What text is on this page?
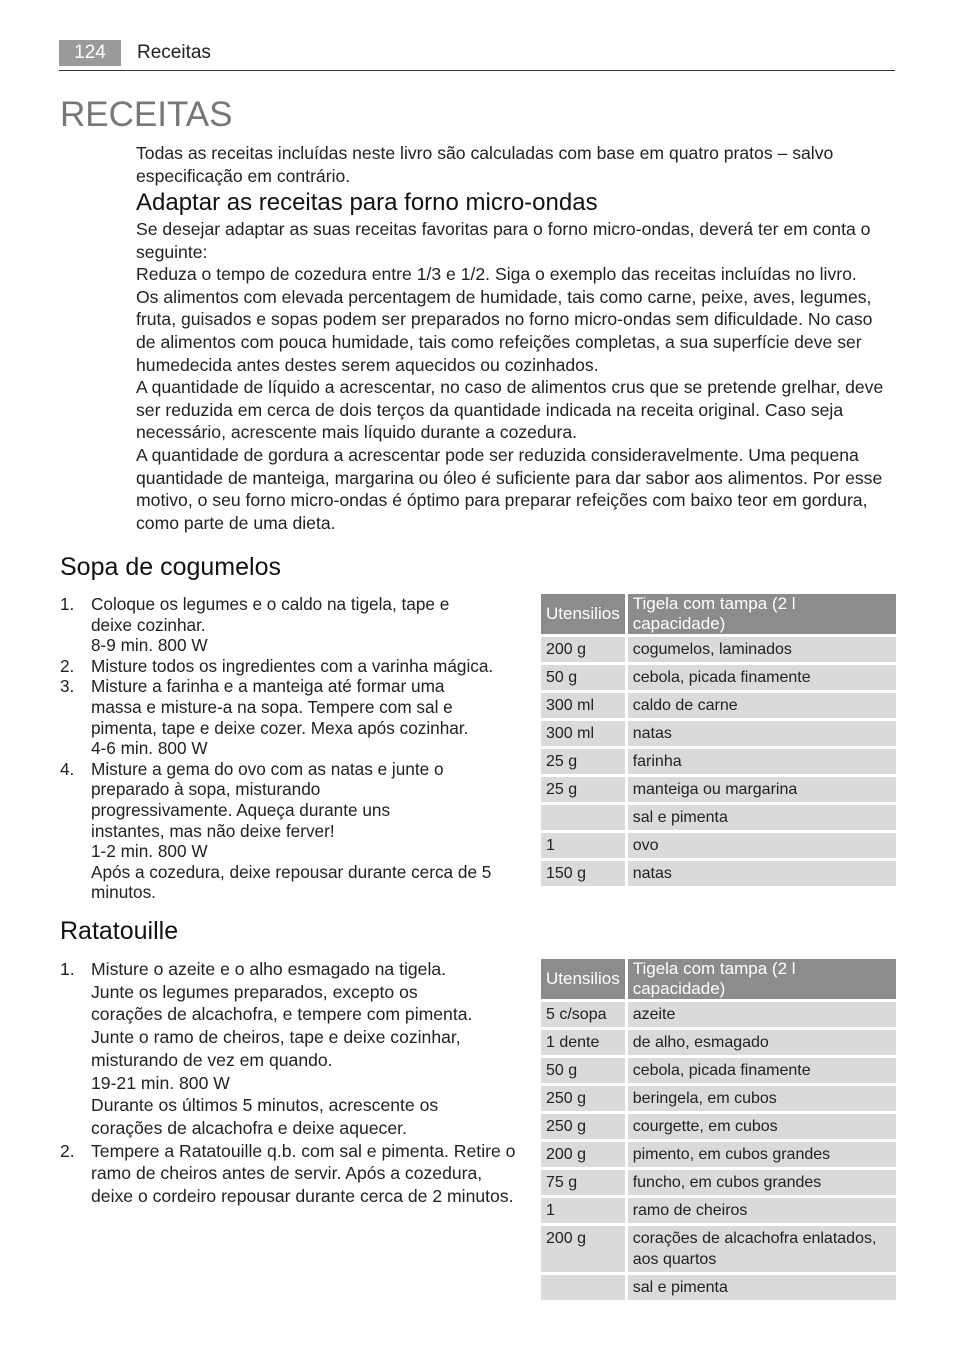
124	Receitas
RECEITAS

Todas as receitas incluídas neste livro são calculadas com base em quatro pratos – salvo especificação em contrário.

Adaptar as receitas para forno micro-ondas

Se desejar adaptar as suas receitas favoritas para o forno micro-ondas, deverá ter em conta o seguinte:

Reduza o tempo de cozedura entre 1/3 e 1/2. Siga o exemplo das receitas incluídas no livro.

Os alimentos com elevada percentagem de humidade, tais como carne, peixe, aves, legumes, fruta, guisados e sopas podem ser preparados no forno micro-ondas sem dificuldade. No caso de alimentos com pouca humidade, tais como refeições completas, a sua superfície deve ser humedecida antes destes serem aquecidos ou cozinhados.

A quantidade de líquido a acrescentar, no caso de alimentos crus que se pretende grelhar, deve ser reduzida em cerca de dois terços da quantidade indicada na receita original. Caso seja necessário, acrescente mais líquido durante a cozedura.

A quantidade de gordura a acrescentar pode ser reduzida consideravelmente. Uma pequena quantidade de manteiga, margarina ou óleo é suficiente para dar sabor aos alimentos. Por esse motivo, o seu forno micro-ondas é óptimo para preparar refeições com baixo teor em gordura, como parte de uma dieta.

Sopa de cogumelos
1. Coloque os legumes e o caldo na tigela, tape e
deixe cozinhar.
8-9 min. 800 W
2. Misture todos os ingredientes com a varinha mágica.
3. Misture a farinha e a manteiga até formar uma
massa e misture-a na sopa. Tempere com sal e
pimenta, tape e deixe cozer. Mexa após cozinhar.
4-6 min. 800 W
4. Misture a gema do ovo com as natas e junte o
preparado à sopa, misturando
progressivamente. Aqueça durante uns
instantes, mas não deixe ferver!
1-2 min. 800 W
Após a cozedura, deixe repousar durante cerca de 5
minutos.
Utensilios	Tigela com tampa (2 l capacidade)
200 g	cogumelos, laminados
50 g	cebola, picada finamente
300 ml	caldo de carne
300 ml	natas
25 g	farinha
25 g	manteiga ou margarina
	sal e pimenta
1	ovo
150 g	natas
Ratatouille
1. Misture o azeite e o alho esmagado na tigela.
Junte os legumes preparados, excepto os
corações de alcachofra, e tempere com pimenta.
Junte o ramo de cheiros, tape e deixe cozinhar,
misturando de vez em quando.
19-21 min. 800 W
Durante os últimos 5 minutos, acrescente os
corações de alcachofra e deixe aquecer.
2. Tempere a Ratatouille q.b. com sal e pimenta. Retire o
ramo de cheiros antes de servir. Após a cozedura,
deixe o cordeiro repousar durante cerca de 2 minutos.
Utensilios	Tigela com tampa (2 l capacidade)
5 c/sopa	azeite
1 dente	de alho, esmagado
50 g	cebola, picada finamente
250 g	beringela, em cubos
250 g	courgette, em cubos
200 g	pimento, em cubos grandes
75 g	funcho, em cubos grandes
1	ramo de cheiros
200 g	corações de alcachofra enlatados, aos quartos
	sal e pimenta
